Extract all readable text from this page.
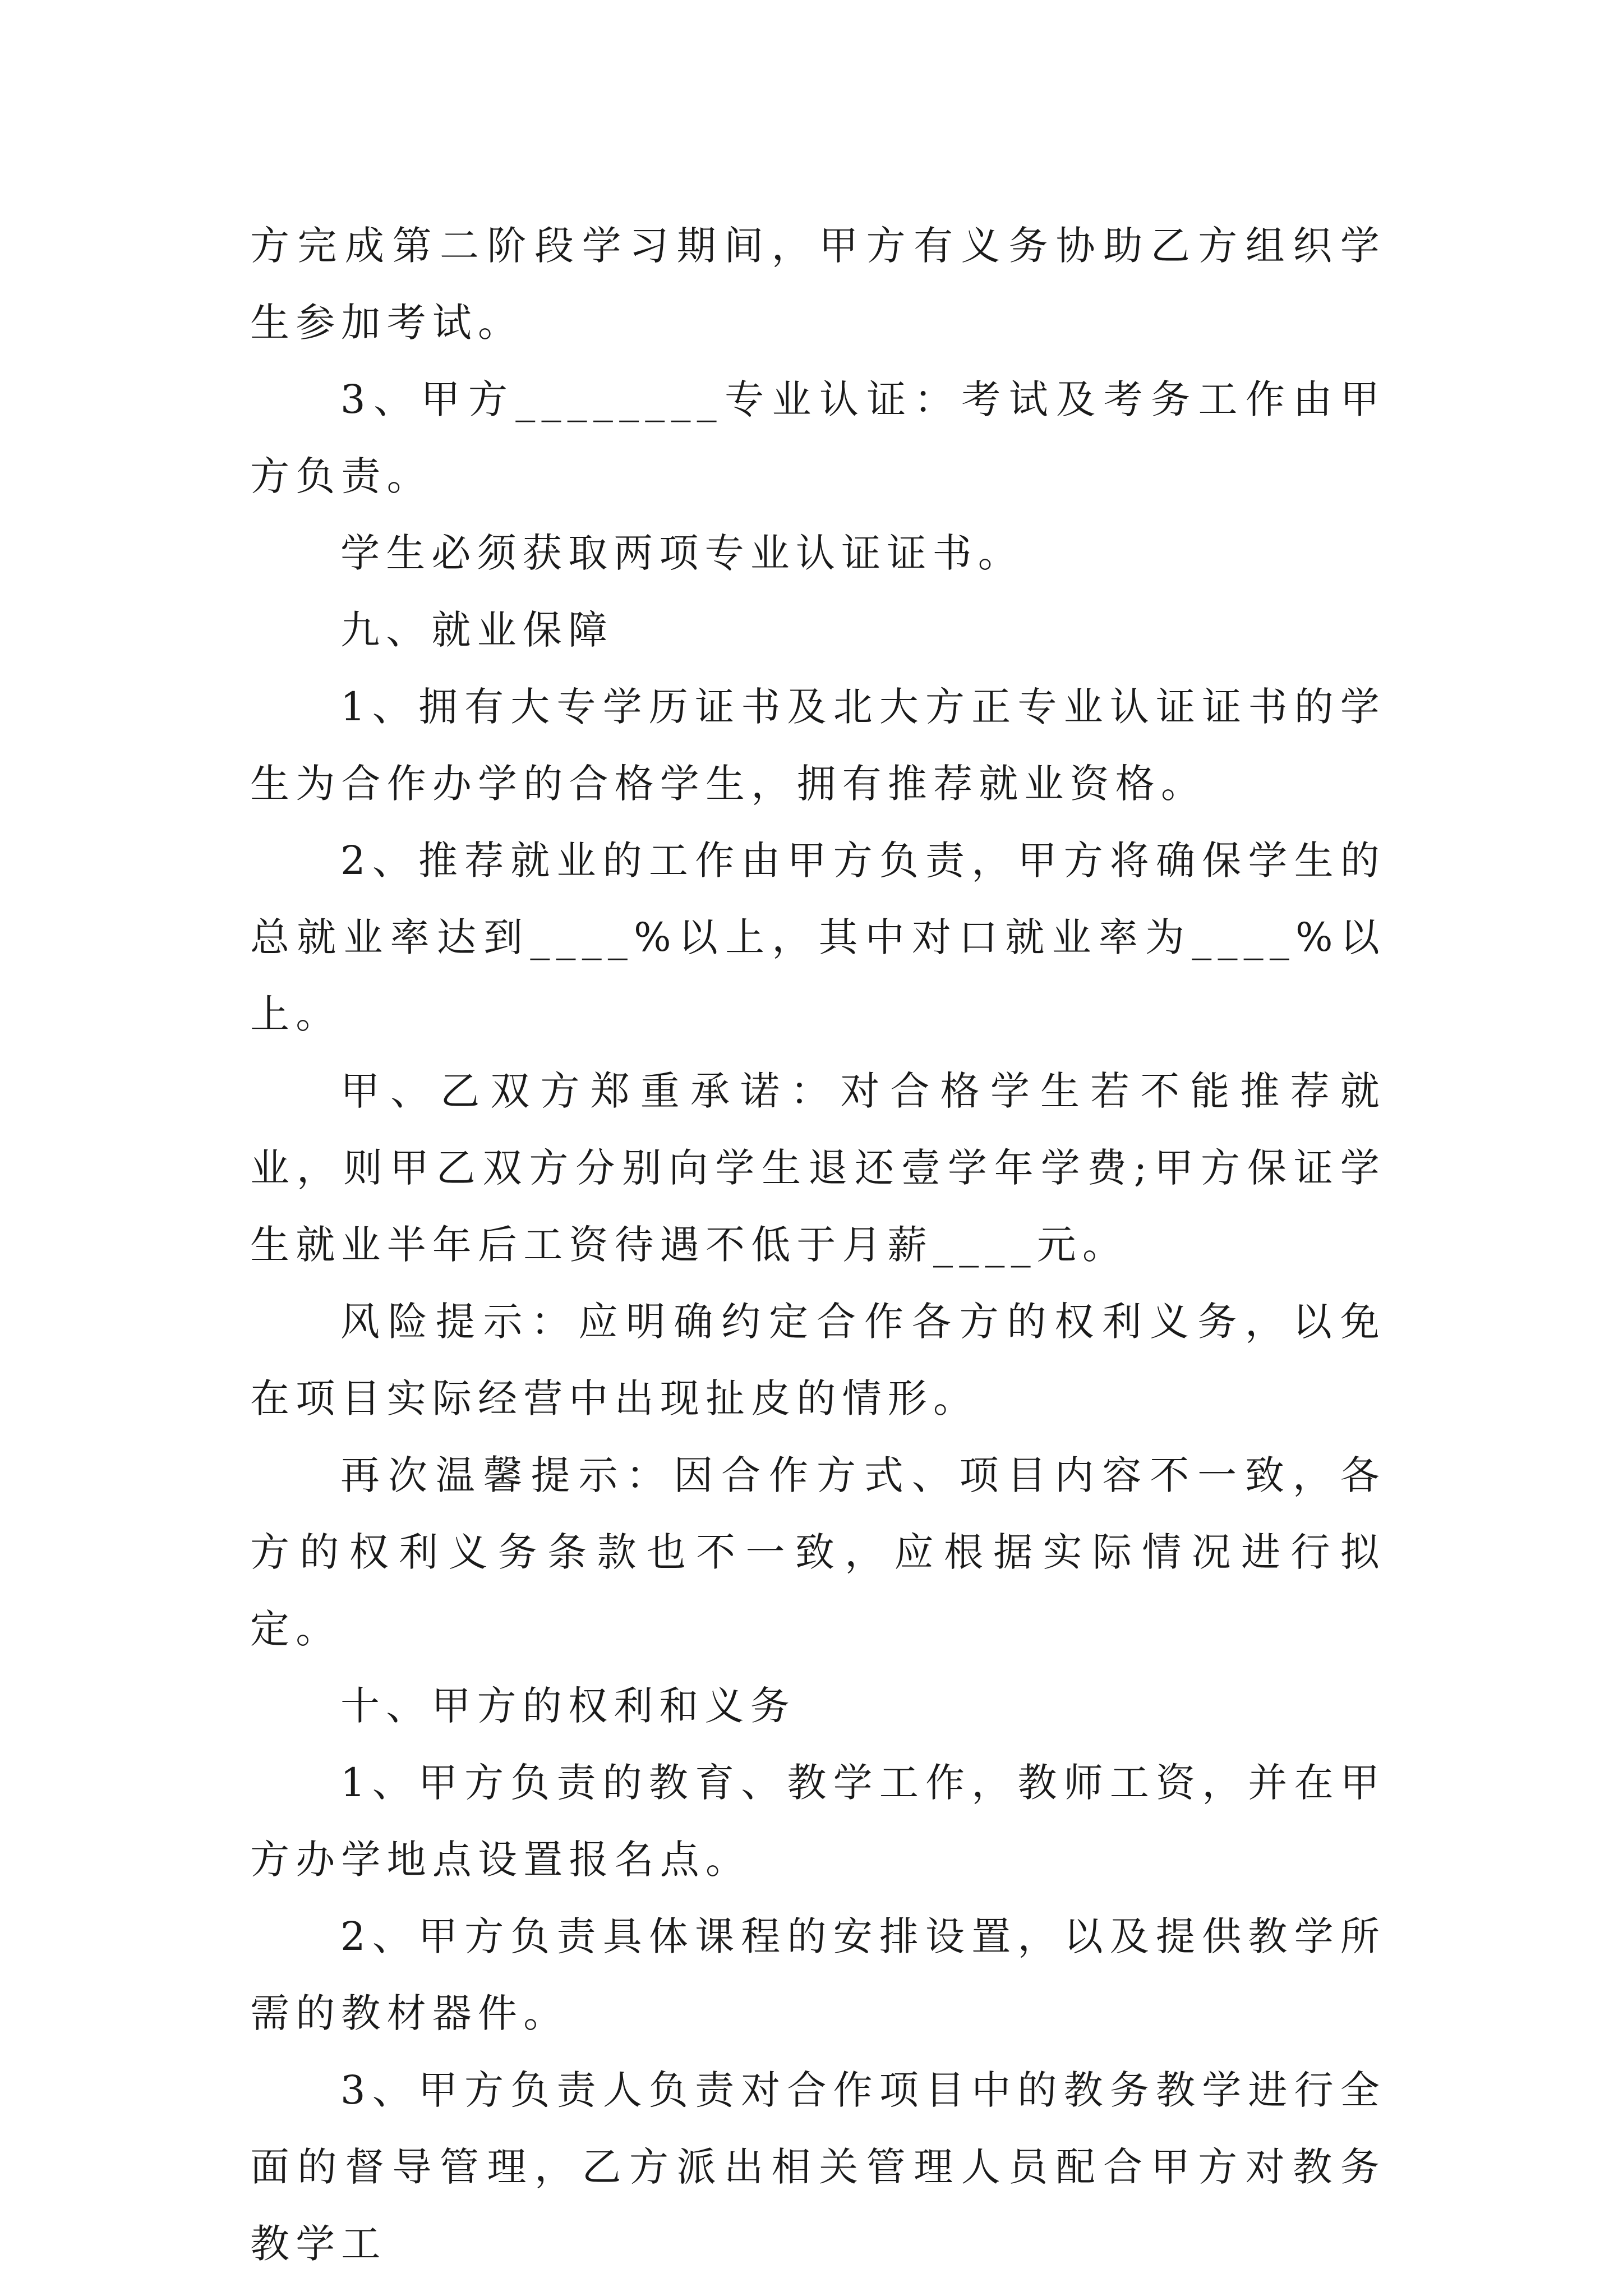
方完成第二阶段学习期间，甲方有义务协助乙方组织学生参加考试。

3、甲方________专业认证：考试及考务工作由甲方负责。

学生必须获取两项专业认证证书。

九、就业保障

1、拥有大专学历证书及北大方正专业认证证书的学生为合作办学的合格学生，拥有推荐就业资格。

2、推荐就业的工作由甲方负责，甲方将确保学生的总就业率达到____%以上，其中对口就业率为____%以上。

甲、乙双方郑重承诺：对合格学生若不能推荐就业，则甲乙双方分别向学生退还壹学年学费;甲方保证学生就业半年后工资待遇不低于月薪____元。

风险提示：应明确约定合作各方的权利义务，以免在项目实际经营中出现扯皮的情形。

再次温馨提示：因合作方式、项目内容不一致，各方的权利义务条款也不一致，应根据实际情况进行拟定。

十、甲方的权利和义务

1、甲方负责的教育、教学工作，教师工资，并在甲方办学地点设置报名点。

2、甲方负责具体课程的安排设置，以及提供教学所需的教材器件。

3、甲方负责人负责对合作项目中的教务教学进行全面的督导管理，乙方派出相关管理人员配合甲方对教务教学工
